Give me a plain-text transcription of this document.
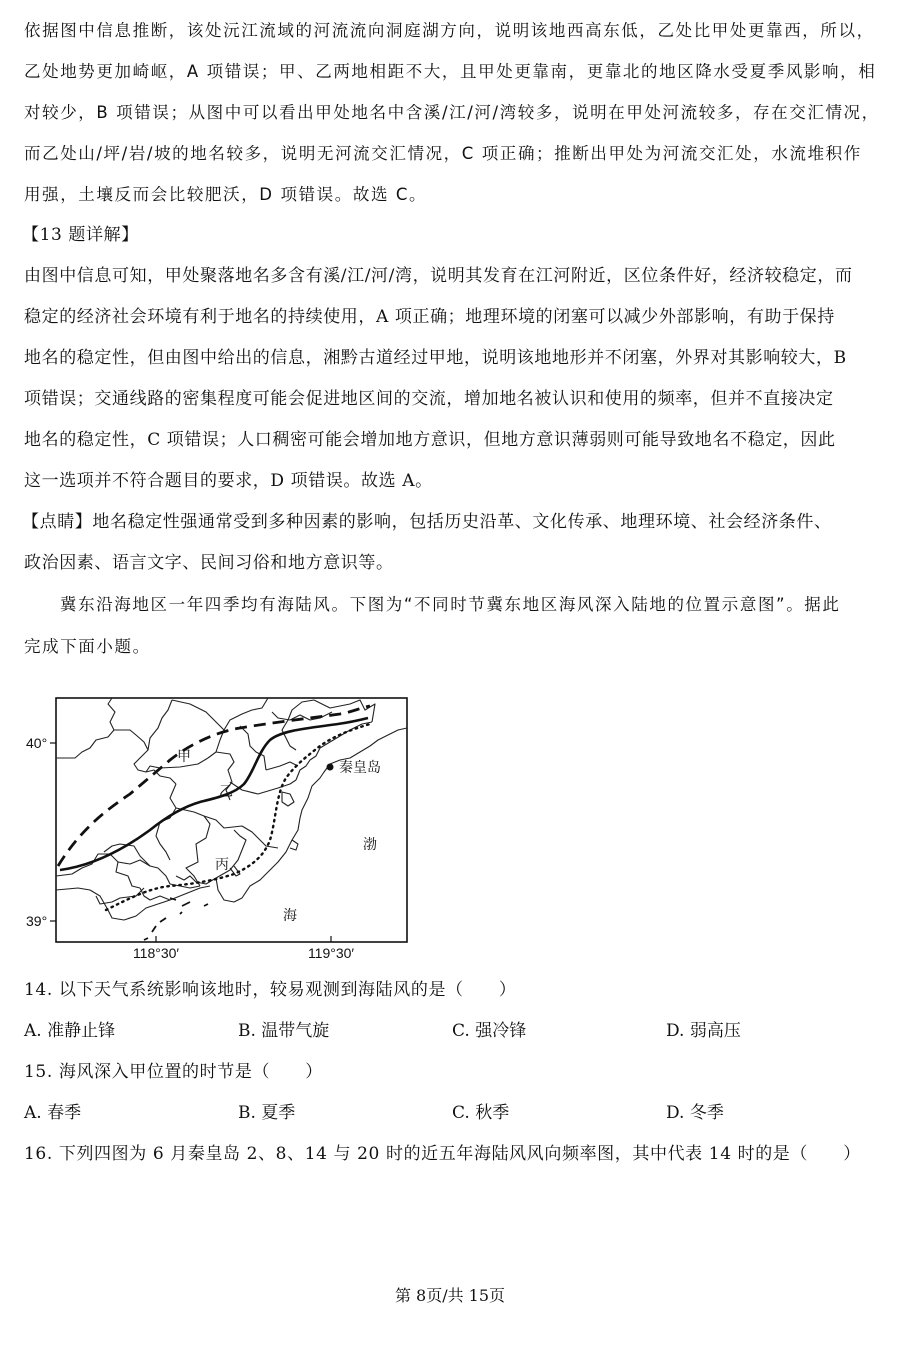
依据图中信息推断，该处沅江流域的河流流向洞庭湖方向，说明该地西高东低，乙处比甲处更靠西，所以，
乙处地势更加崎岖，A 项错误；甲、乙两地相距不大，且甲处更靠南，更靠北的地区降水受夏季风影响，相
对较少，B 项错误；从图中可以看出甲处地名中含溪/江/河/湾较多，说明在甲处河流较多，存在交汇情况，
而乙处山/坪/岩/坡的地名较多，说明无河流交汇情况，C 项正确；推断出甲处为河流交汇处，水流堆积作
用强，土壤反而会比较肥沃，D 项错误。故选 C。
【13 题详解】
由图中信息可知，甲处聚落地名多含有溪/江/河/湾，说明其发育在江河附近，区位条件好，经济较稳定，而
稳定的经济社会环境有利于地名的持续使用，A 项正确；地理环境的闭塞可以减少外部影响，有助于保持
地名的稳定性，但由图中给出的信息，湘黔古道经过甲地，说明该地地形并不闭塞，外界对其影响较大，B
项错误；交通线路的密集程度可能会促进地区间的交流，增加地名被认识和使用的频率，但并不直接决定
地名的稳定性，C 项错误；人口稠密可能会增加地方意识，但地方意识薄弱则可能导致地名不稳定，因此
这一选项并不符合题目的要求，D 项错误。故选 A。
【点睛】地名稳定性强通常受到多种因素的影响，包括历史沿革、文化传承、地理环境、社会经济条件、
政治因素、语言文字、民间习俗和地方意识等。
冀东沿海地区一年四季均有海陆风。下图为“不同时节冀东地区海风深入陆地的位置示意图”。据此
完成下面小题。
40°
39°
118°30′	119°30′
甲
乙
丙
秦皇岛
渤
海
14. 以下天气系统影响该地时，较易观测到海陆风的是（　　）
A. 准静止锋	B. 温带气旋	C. 强冷锋	D. 弱高压
15. 海风深入甲位置的时节是（　　）
A. 春季	B. 夏季	C. 秋季	D. 冬季
16. 下列四图为 6 月秦皇岛 2、8、14 与 20 时的近五年海陆风风向频率图，其中代表 14 时的是（　　）
第 8页/共 15页
